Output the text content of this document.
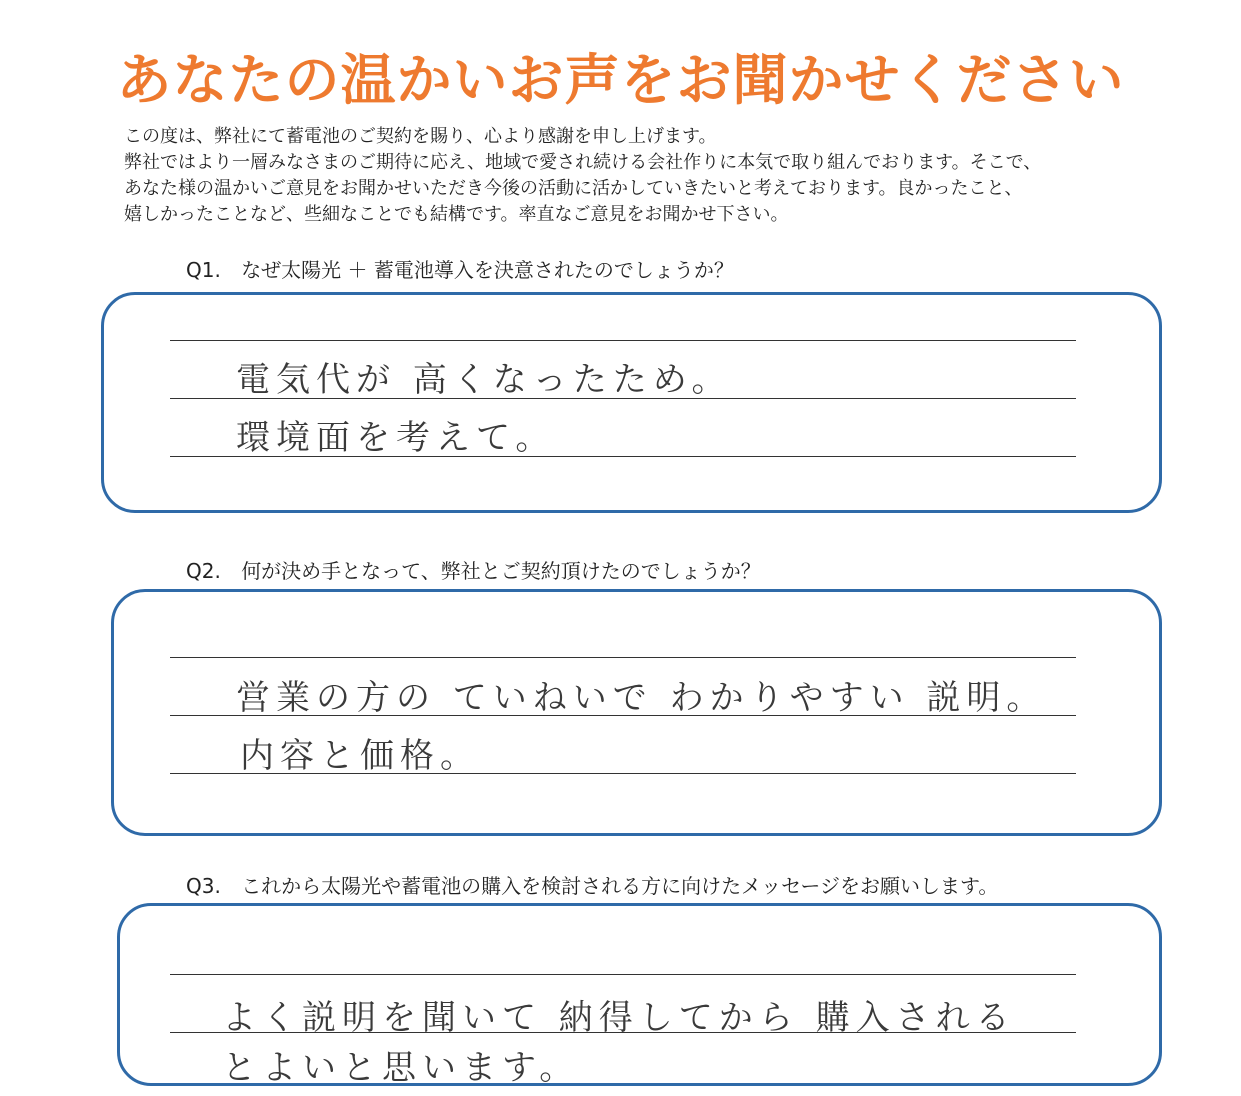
あなたの温かいお声をお聞かせください
この度は、弊社にて蓄電池のご契約を賜り、心より感謝を申し上げます。
弊社ではより一層みなさまのご期待に応え、地域で愛され続ける会社作りに本気で取り組んでおります。そこで、
あなた様の温かいご意見をお聞かせいただき今後の活動に活かしていきたいと考えております。良かったこと、
嬉しかったことなど、些細なことでも結構です。率直なご意見をお聞かせ下さい。
Q1. なぜ太陽光 ＋ 蓄電池導入を決意されたのでしょうか？
電気代が 高くなったため。
環境面を考えて。
Q2. 何が決め手となって、弊社とご契約頂けたのでしょうか？
営業の方の ていねいで わかりやすい 説明。
内容と価格。
Q3. これから太陽光や蓄電池の購入を検討される方に向けたメッセージをお願いします。
よく説明を聞いて 納得してから 購入される
とよいと思います。
